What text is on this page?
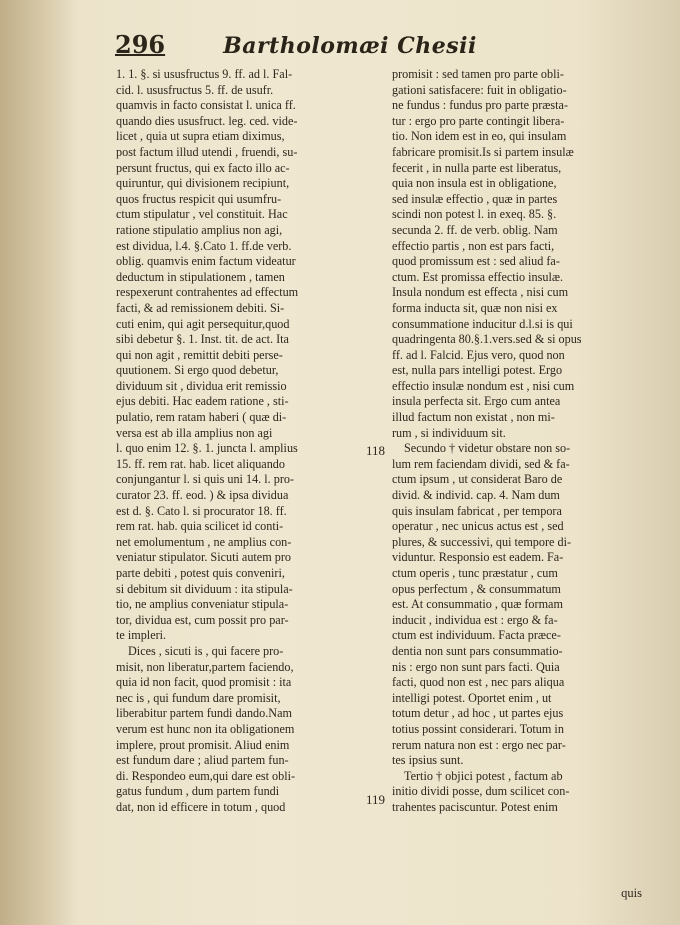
296	Bartholomæi Chesii

1. 1. §. si ususfructus 9. ff. ad l. Fal-
cid. l. ususfructus 5. ff. de usufr.
quamvis in facto consistat l. unica ff.
quando dies ususfruct. leg. ced. vide-
licet , quia ut supra etiam diximus,
post factum illud utendi , fruendi, su-
persunt fructus, qui ex facto illo ac-
quiruntur, qui divisionem recipiunt,
quos fructus respicit qui usumfru-
ctum stipulatur , vel constituit. Hac
ratione stipulatio amplius non agi,
est dividua, l.4. §.Cato 1. ff.de verb.
oblig. quamvis enim factum videatur
deductum in stipulationem , tamen
respexerunt contrahentes ad effectum
facti, & ad remissionem debiti. Si-
cuti enim, qui agit persequitur,quod
sibi debetur §. 1. Inst. tit. de act. Ita
qui non agit , remittit debiti perse-
quutionem. Si ergo quod debetur,
dividuum sit , dividua erit remissio
ejus debiti. Hac eadem ratione , sti-
pulatio, rem ratam haberi ( quæ di-
versa est ab illa amplius non agi
l. quo enim 12. §. 1. juncta l. amplius
15. ff. rem rat. hab. licet aliquando
conjungantur l. si quis uni 14. l. pro-
curator 23. ff. eod. ) & ipsa dividua
est d. §. Cato l. si procurator 18. ff.
rem rat. hab. quia scilicet id conti-
net emolumentum , ne amplius con-
veniatur stipulator. Sicuti autem pro
parte debiti , potest quis conveniri,
si debitum sit dividuum : ita stipula-
tio, ne amplius conveniatur stipula-
tor, dividua est, cum possit pro par-
te impleri.

Dices , sicuti is , qui facere pro-
misit, non liberatur,partem faciendo,
quia id non facit, quod promisit : ita
nec is , qui fundum dare promisit,
liberabitur partem fundi dando.Nam
verum est hunc non ita obligationem
implere, prout promisit. Aliud enim
est fundum dare ; aliud partem fun-
di. Respondeo eum,qui dare est obli-
gatus fundum , dum partem fundi
dat, non id efficere in totum , quod

promisit : sed tamen pro parte obli-
gationi satisfacere: fuit in obligatio-
ne fundus : fundus pro parte præsta-
tur : ergo pro parte contingit libera-
tio. Non idem est in eo, qui insulam
fabricare promisit.Is si partem insulæ
fecerit , in nulla parte est liberatus,
quia non insula est in obligatione,
sed insulæ effectio , quæ in partes
scindi non potest l. in exeq. 85. §.
secunda 2. ff. de verb. oblig. Nam
effectio partis , non est pars facti,
quod promissum est : sed aliud fa-
ctum. Est promissa effectio insulæ.
Insula nondum est effecta , nisi cum
forma inducta sit, quæ non nisi ex
consummatione inducitur d.l.si is qui
quadringenta 80.§.1.vers.sed & si opus
ff. ad l. Falcid. Ejus vero, quod non
est, nulla pars intelligi potest. Ergo
effectio insulæ nondum est , nisi cum
insula perfecta sit. Ergo cum antea
illud factum non existat , non mi-
rum , si individuum sit.

Secundo † videtur obstare non so-
lum rem faciendam dividi, sed & fa-
ctum ipsum , ut considerat Baro de
divid. & individ. cap. 4. Nam dum
quis insulam fabricat , per tempora
operatur , nec unicus actus est , sed
plures, & successivi, qui tempore di-
viduntur. Responsio est eadem. Fa-
ctum operis , tunc præstatur , cum
opus perfectum , & consummatum
est. At consummatio , quæ formam
inducit , individua est : ergo & fa-
ctum est individuum. Facta præce-
dentia non sunt pars consummatio-
nis : ergo non sunt pars facti. Quia
facti, quod non est , nec pars aliqua
intelligi potest. Oportet enim , ut
totum detur , ad hoc , ut partes ejus
totius possint considerari. Totum in
rerum natura non est : ergo nec par-
tes ipsius sunt.

Tertio † objici potest , factum ab
initio dividi posse, dum scilicet con-
trahentes paciscuntur. Potest enim

118
119
quis
